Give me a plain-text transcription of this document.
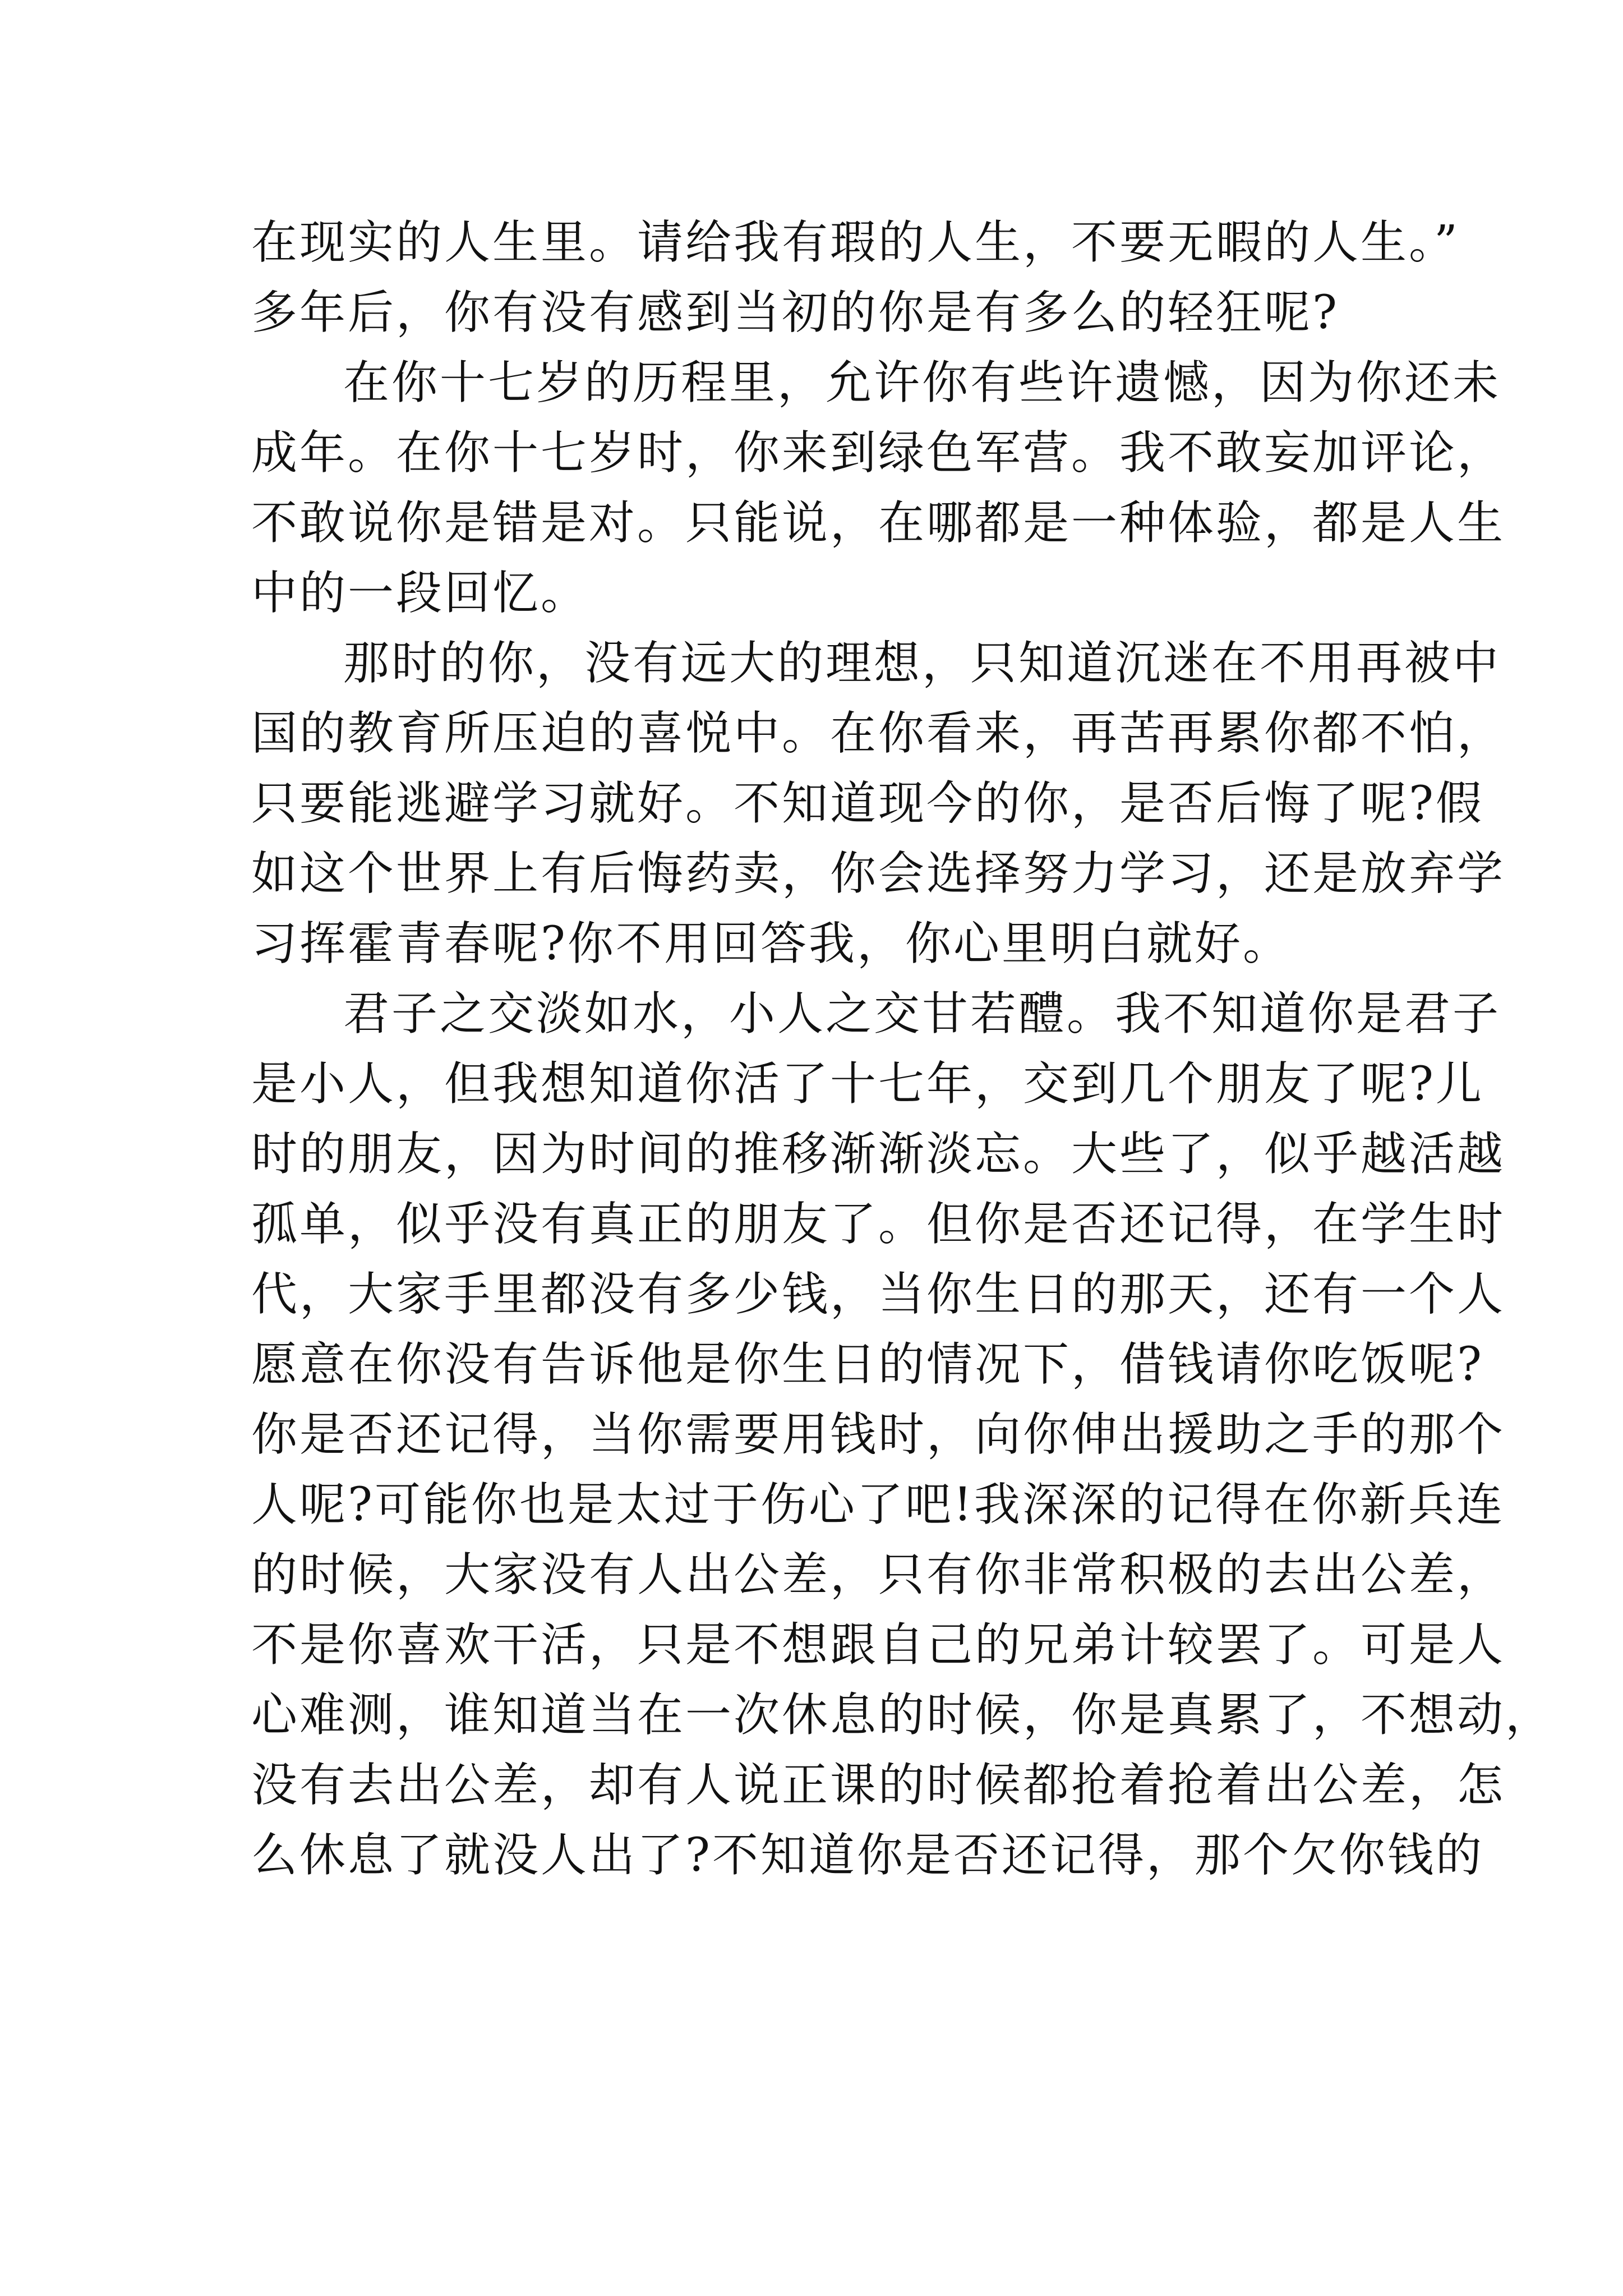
在现实的人生里。请给我有瑕的人生，不要无暇的人生。”
多年后，你有没有感到当初的你是有多么的轻狂呢?
在你十七岁的历程里，允许你有些许遗憾，因为你还未
成年。在你十七岁时，你来到绿色军营。我不敢妄加评论，
不敢说你是错是对。只能说，在哪都是一种体验，都是人生
中的一段回忆。
那时的你，没有远大的理想，只知道沉迷在不用再被中
国的教育所压迫的喜悦中。在你看来，再苦再累你都不怕，
只要能逃避学习就好。不知道现今的你，是否后悔了呢?假
如这个世界上有后悔药卖，你会选择努力学习，还是放弃学
习挥霍青春呢?你不用回答我，你心里明白就好。
君子之交淡如水，小人之交甘若醴。我不知道你是君子
是小人，但我想知道你活了十七年，交到几个朋友了呢?儿
时的朋友，因为时间的推移渐渐淡忘。大些了，似乎越活越
孤单，似乎没有真正的朋友了。但你是否还记得，在学生时
代，大家手里都没有多少钱，当你生日的那天，还有一个人
愿意在你没有告诉他是你生日的情况下，借钱请你吃饭呢?
你是否还记得，当你需要用钱时，向你伸出援助之手的那个
人呢?可能你也是太过于伤心了吧!我深深的记得在你新兵连
的时候，大家没有人出公差，只有你非常积极的去出公差，
不是你喜欢干活，只是不想跟自己的兄弟计较罢了。可是人
心难测，谁知道当在一次休息的时候，你是真累了，不想动，
没有去出公差，却有人说正课的时候都抢着抢着出公差，怎
么休息了就没人出了?不知道你是否还记得，那个欠你钱的
